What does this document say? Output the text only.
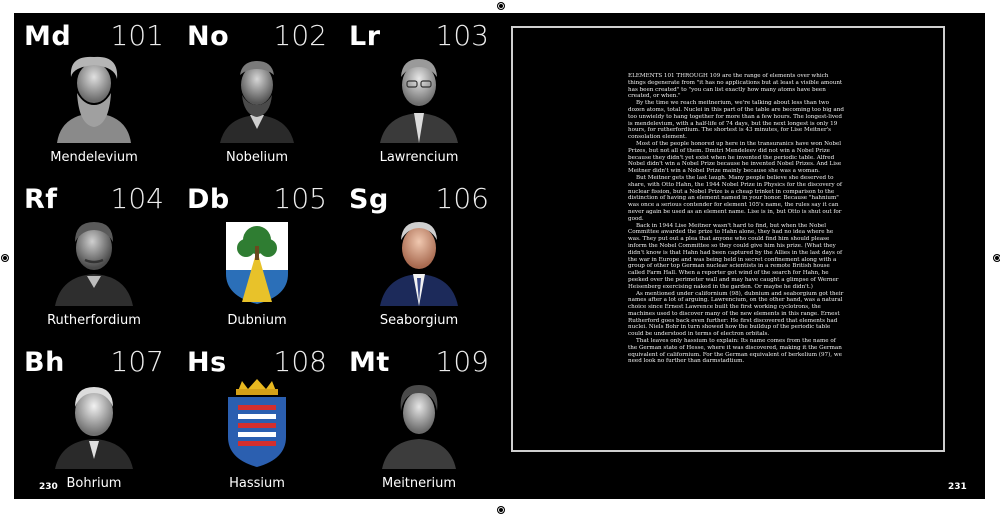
Md 101
Mendelevium
No 102
Nobelium
Lr 103
Lawrencium
Rf 104
Rutherfordium
Db 105
Dubnium
Sg 106
Seaborgium
Bh 107
Bohrium
Hs 108
Hassium
Mt 109
Meitnerium
230	231

ELEMENTS 101 THROUGH 109 are the range of elements over which things degenerate from "it has no applications but at least a visible amount has been created" to "you can list exactly how many atoms have been created, or when."

By the time we reach meitnerium, we're talking about less than two dozen atoms, total. Nuclei in this part of the table are becoming too big and too unwieldy to hang together for more than a few hours. The longest-lived is mendelevium, with a half-life of 74 days, but the next longest is only 19 hours, for rutherfordium. The shortest is 43 minutes, for Lise Meitner's consolation element.

Most of the people honored up here in the transuranics have won Nobel Prizes, but not all of them. Dmitri Mendeleev did not win a Nobel Prize because they didn't yet exist when he invented the periodic table. Alfred Nobel didn't win a Nobel Prize because he invented Nobel Prizes. And Lise Meitner didn't win a Nobel Prize mainly because she was a woman.

But Meitner gets the last laugh. Many people believe she deserved to share, with Otto Hahn, the 1944 Nobel Prize in Physics for the discovery of nuclear fission, but a Nobel Prize is a cheap trinket in comparison to the distinction of having an element named in your honor. Because "hahnium" was once a serious contender for element 105's name, the rules say it can never again be used as an element name. Lise is in, but Otto is shut out for good.

Back in 1944 Lise Meitner wasn't hard to find, but when the Nobel Committee awarded the prize to Hahn alone, they had no idea where he was. They put out a plea that anyone who could find him should please inform the Nobel Committee so they could give him his prize. (What they didn't know is that Hahn had been captured by the Allies in the last days of the war in Europe and was being held in secret confinement along with a group of other top German nuclear scientists in a remote British house called Farm Hall. When a reporter got wind of the search for Hahn, he peeked over the perimeter wall and may have caught a glimpse of Werner Heisenberg exercising naked in the garden. Or maybe he didn't.)

As mentioned under californium (98), dubnium and seaborgium got their names after a lot of arguing. Lawrencium, on the other hand, was a natural choice since Ernest Lawrence built the first working cyclotrons, the machines used to discover many of the new elements in this range. Ernest Rutherford goes back even further: He first discovered that elements had nuclei. Niels Bohr in turn showed how the buildup of the periodic table could be understood in terms of electron orbitals.

That leaves only hassium to explain: Its name comes from the name of the German state of Hesse, where it was discovered, making it the German equivalent of californium. For the German equivalent of berkelium (97), we need look no further than darmstadtium.
